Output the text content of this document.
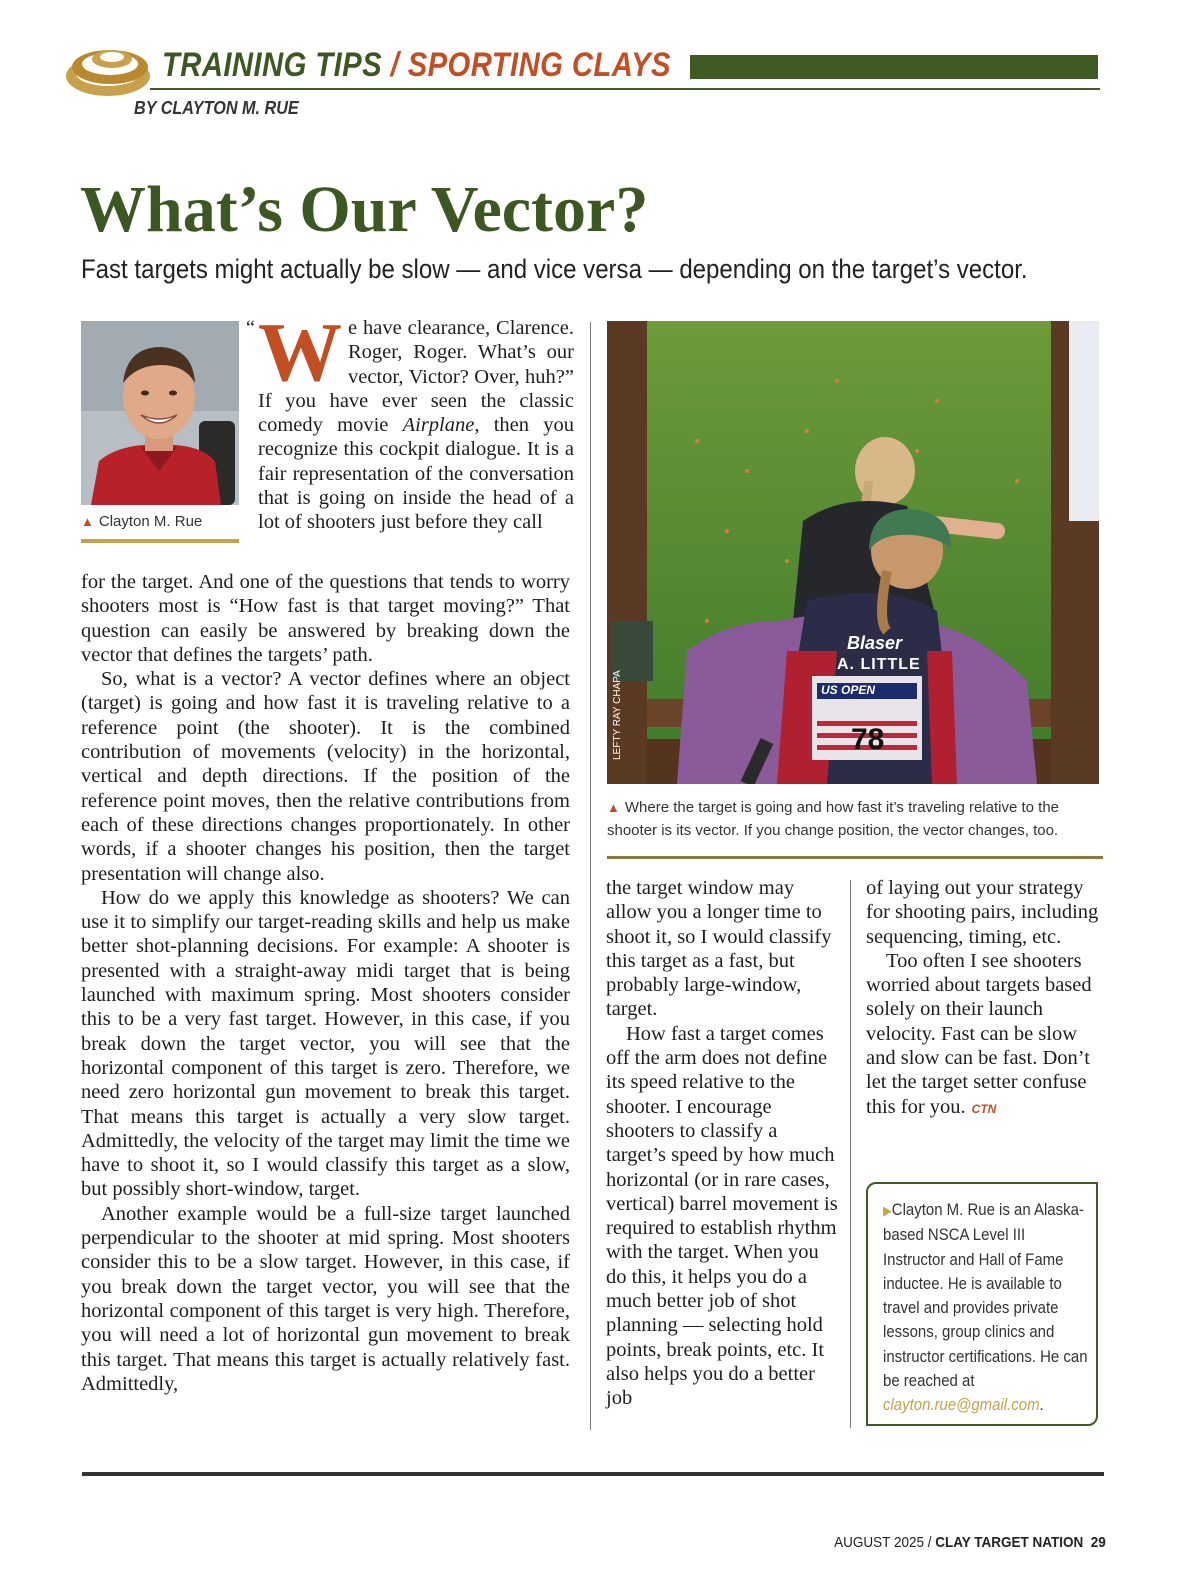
TRAINING TIPS / SPORTING CLAYS
BY CLAYTON M. RUE
What’s Our Vector?
Fast targets might actually be slow — and vice versa — depending on the target’s vector.
▲ Clayton M. Rue
“ We have clearance, Clarence. Roger, Roger. What’s our vector, Victor? Over, huh?” If you have ever seen the classic comedy movie Airplane, then you recognize this cockpit dialogue. It is a fair representation of the conversation that is going on inside the head of a lot of shooters just before they call

for the target. And one of the questions that tends to worry shooters most is “How fast is that target moving?” That question can easily be answered by breaking down the vector that defines the targets’ path.

So, what is a vector? A vector defines where an object (target) is going and how fast it is traveling relative to a reference point (the shooter). It is the combined contribution of movements (velocity) in the horizontal, vertical and depth directions. If the position of the reference point moves, then the relative contributions from each of these directions changes proportionately. In other words, if a shooter changes his position, then the target presentation will change also.

How do we apply this knowledge as shooters? We can use it to simplify our target-reading skills and help us make better shot-planning decisions. For example: A shooter is presented with a straight-away midi target that is being launched with maximum spring. Most shooters consider this to be a very fast target. However, in this case, if you break down the target vector, you will see that the horizontal component of this target is zero. Therefore, we need zero horizontal gun movement to break this target. That means this target is actually a very slow target. Admittedly, the velocity of the target may limit the time we have to shoot it, so I would classify this target as a slow, but possibly short-window, target.

Another example would be a full-size target launched perpendicular to the shooter at mid spring. Most shooters consider this to be a slow target. However, in this case, if you break down the target vector, you will see that the horizontal component of this target is very high. Therefore, you will need a lot of horizontal gun movement to break this target. That means this target is actually relatively fast. Admittedly,

Blaser
A. LITTLE
US OPEN
78
LEFTY RAY CHAPA
▲ Where the target is going and how fast it’s traveling relative to the shooter is its vector. If you change position, the vector changes, too.

the target window may allow you a longer time to shoot it, so I would classify this target as a fast, but probably large-window, target.

How fast a target comes off the arm does not define its speed relative to the shooter. I encourage shooters to classify a target’s speed by how much horizontal (or in rare cases, vertical) barrel movement is required to establish rhythm with the target. When you do this, it helps you do a much better job of shot planning — selecting hold points, break points, etc. It also helps you do a better job

of laying out your strategy for shooting pairs, including sequencing, timing, etc.

Too often I see shooters worried about targets based solely on their launch velocity. Fast can be slow and slow can be fast. Don’t let the target setter confuse this for you. CTN

▶Clayton M. Rue is an Alaska-based NSCA Level III Instructor and Hall of Fame inductee. He is available to travel and provides private lessons, group clinics and instructor certifications. He can be reached at clayton.rue@gmail.com.
AUGUST 2025 / CLAY TARGET NATION 29
